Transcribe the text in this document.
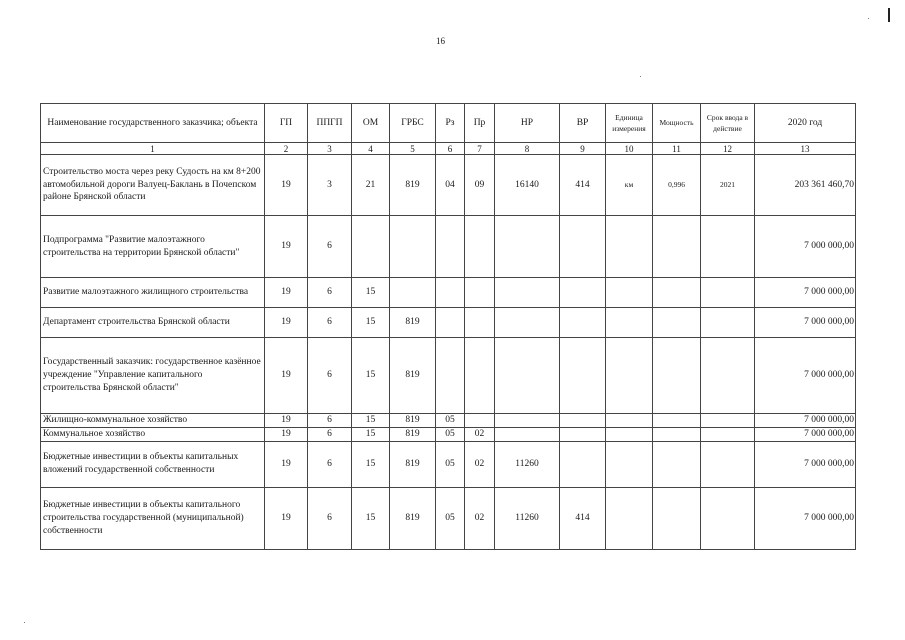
16
Наименование государственного заказчика; объекта	ГП	ППГП	ОМ	ГРБС	Рз	Пр	НР	ВР	Единица измерения	Мощность	Срок ввода в действие	2020 год
1	2	3	4	5	6	7	8	9	10	11	12	13
Строительство моста через реку Судость на км 8+200 автомобильной дороги Валуец-Баклань в Почепском районе Брянской области	19	3	21	819	04	09	16140	414	км	0,996	2021	203 361 460,70
Подпрограмма "Развитие малоэтажного строительства на территории Брянской области"	19	6										7 000 000,00
Развитие малоэтажного жилищного строительства	19	6	15									7 000 000,00
Департамент строительства Брянской области	19	6	15	819								7 000 000,00
Государственный заказчик: государственное казённое учреждение "Управление капитального строительства Брянской области"	19	6	15	819								7 000 000,00
Жилищно-коммунальное хозяйство	19	6	15	819	05							7 000 000,00
Коммунальное хозяйство	19	6	15	819	05	02						7 000 000,00
Бюджетные инвестиции в объекты капитальных вложений государственной собственности	19	6	15	819	05	02	11260					7 000 000,00
Бюджетные инвестиции в объекты капитального строительства государственной (муниципальной) собственности	19	6	15	819	05	02	11260	414				7 000 000,00
